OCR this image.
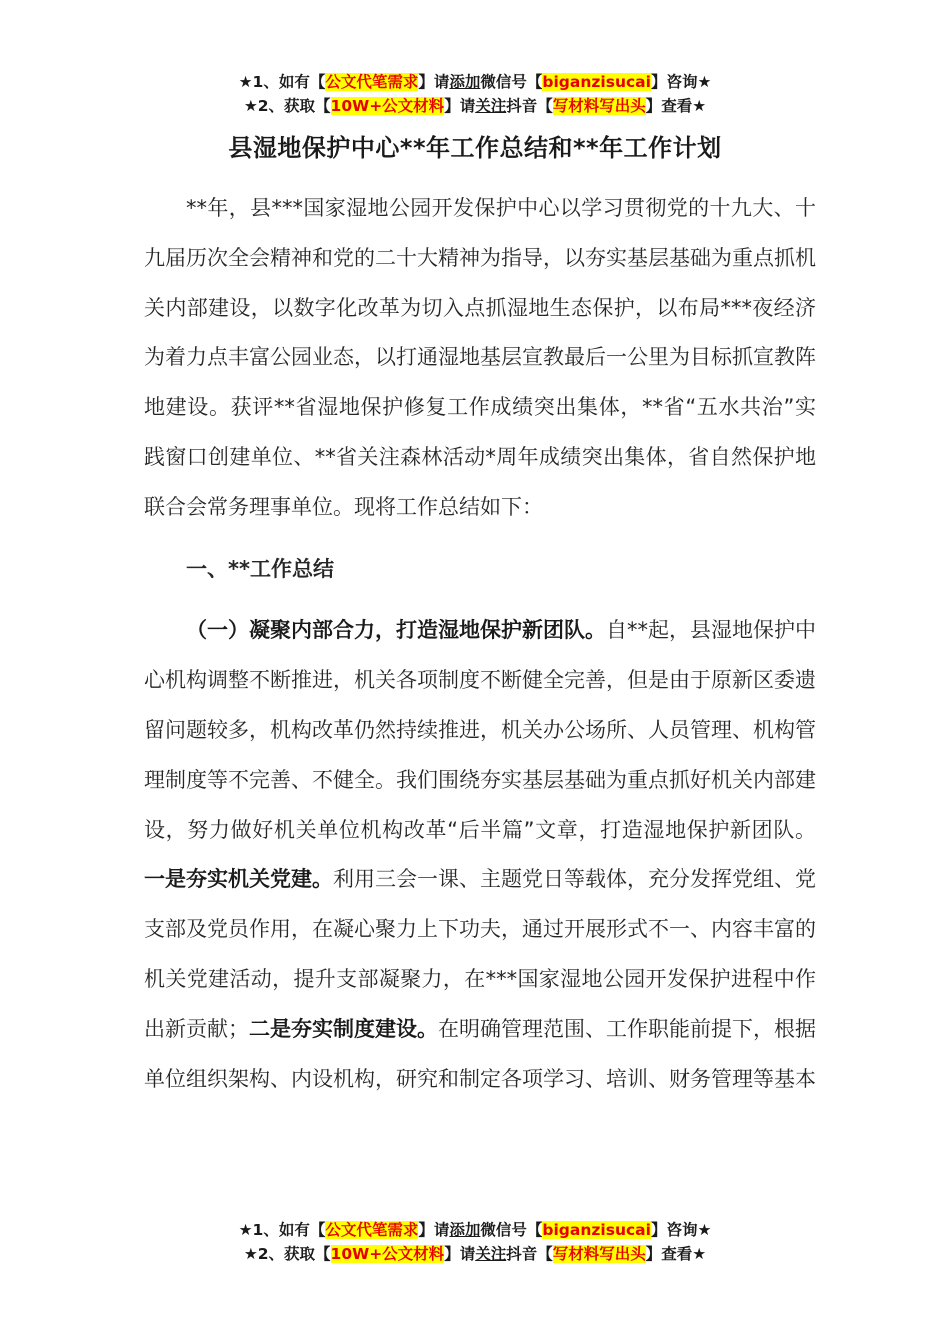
★1、如有【公文代笔需求】请添加微信号【biganzisucai】咨询★
★2、获取【10W+公文材料】请关注抖音【写材料写出头】查看★
县湿地保护中心**年工作总结和**年工作计划

**年，县***国家湿地公园开发保护中心以学习贯彻党的十九大、十九届历次全会精神和党的二十大精神为指导，以夯实基层基础为重点抓机关内部建设，以数字化改革为切入点抓湿地生态保护，以布局***夜经济为着力点丰富公园业态，以打通湿地基层宣教最后一公里为目标抓宣教阵地建设。获评**省湿地保护修复工作成绩突出集体，**省“五水共治”实践窗口创建单位、**省关注森林活动*周年成绩突出集体，省自然保护地联合会常务理事单位。现将工作总结如下：

一、**工作总结

（一）凝聚内部合力，打造湿地保护新团队。自**起，县湿地保护中心机构调整不断推进，机关各项制度不断健全完善，但是由于原新区委遗留问题较多，机构改革仍然持续推进，机关办公场所、人员管理、机构管理制度等不完善、不健全。我们围绕夯实基层基础为重点抓好机关内部建设，努力做好机关单位机构改革“后半篇”文章，打造湿地保护新团队。一是夯实机关党建。利用三会一课、主题党日等载体，充分发挥党组、党支部及党员作用，在凝心聚力上下功夫，通过开展形式不一、内容丰富的机关党建活动，提升支部凝聚力，在***国家湿地公园开发保护进程中作出新贡献；二是夯实制度建设。在明确管理范围、工作职能前提下，根据单位组织架构、内设机构，研究和制定各项学习、培训、财务管理等基本

★1、如有【公文代笔需求】请添加微信号【biganzisucai】咨询★
★2、获取【10W+公文材料】请关注抖音【写材料写出头】查看★
